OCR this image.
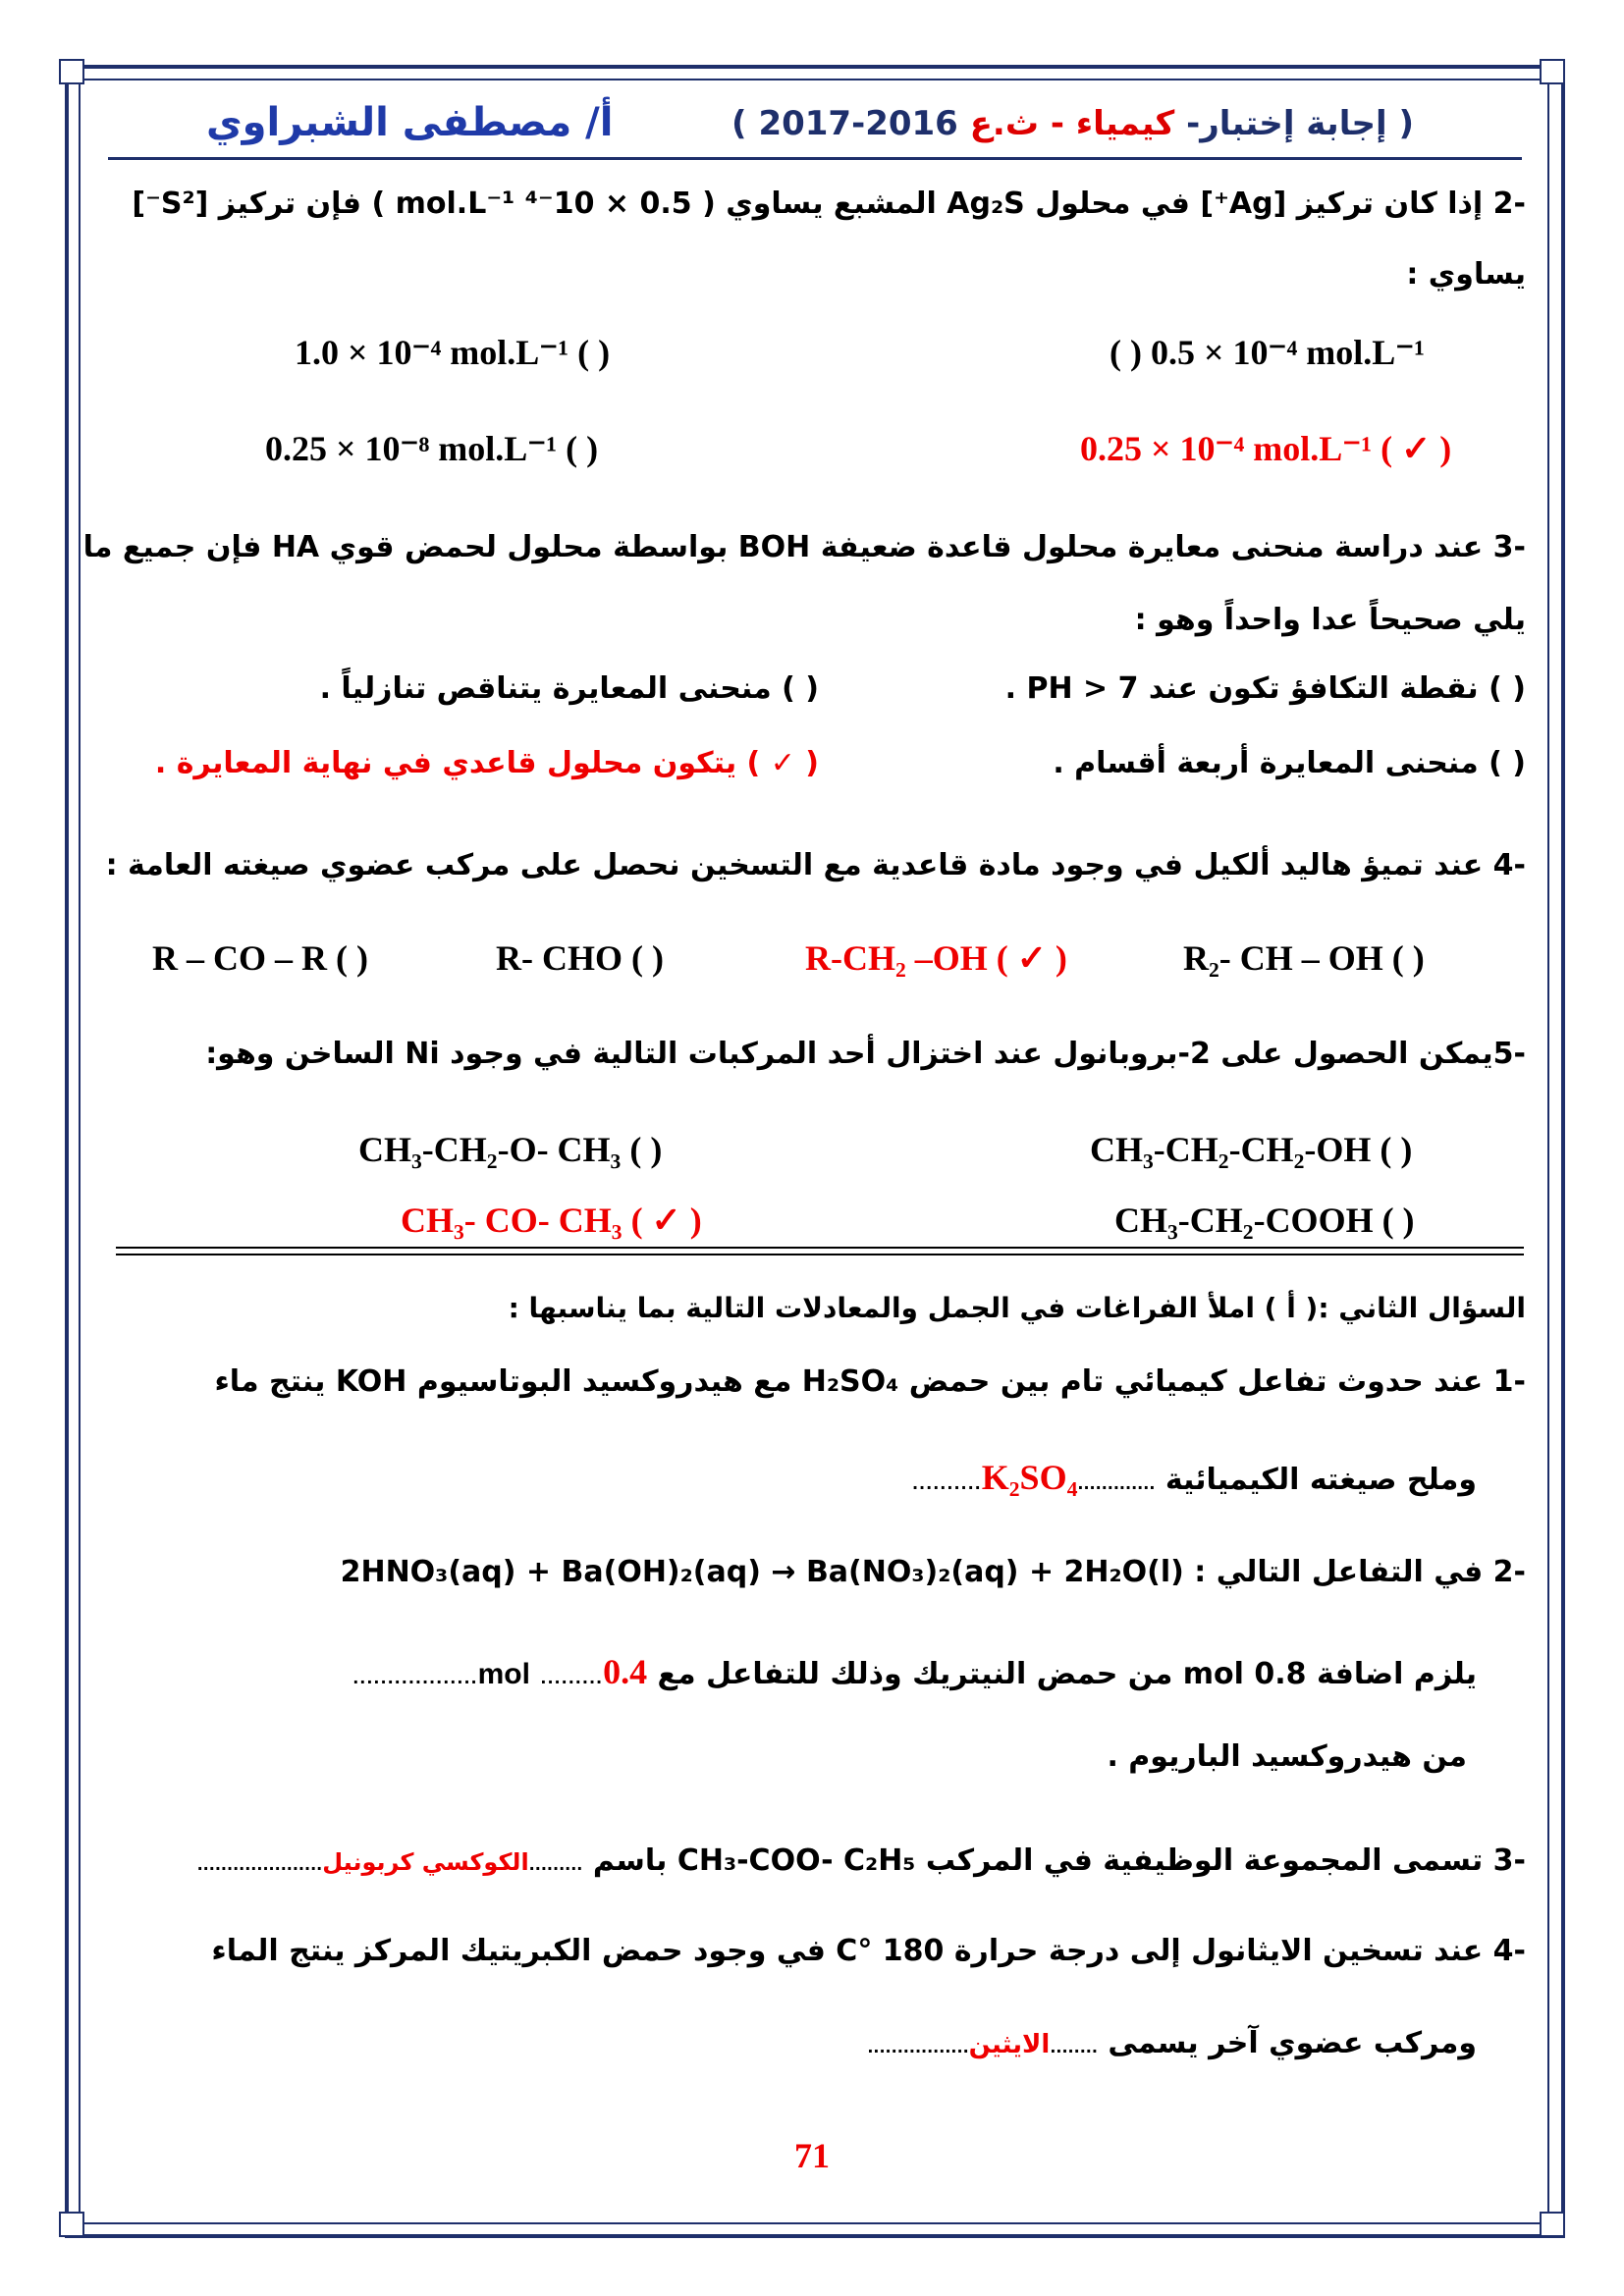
( إجابة إختبار- كيمياء - ث.ع 2016-2017 )
أ/ مصطفى الشبراوي
-2 إذا كان تركيز [Ag⁺] في محلول Ag₂S المشبع يساوي ( 0.5 × 10⁻⁴ mol.L⁻¹ ) فإن تركيز [S²⁻]
يساوي :
( ) 0.5 × 10⁻⁴ mol.L⁻¹
1.0 × 10⁻⁴ mol.L⁻¹ ( )
0.25 × 10⁻⁴ mol.L⁻¹ ( ✓ )
0.25 × 10⁻⁸ mol.L⁻¹ ( )
-3 عند دراسة منحنى معايرة محلول قاعدة ضعيفة BOH بواسطة محلول لحمض قوي HA فإن جميع ما
يلي صحيحاً عدا واحداً وهو :
( ) نقطة التكافؤ تكون عند PH > 7 .
( ) منحنى المعايرة يتناقص تنازلياً .
( ) منحنى المعايرة أربعة أقسام .
( ✓ ) يتكون محلول قاعدي في نهاية المعايرة .
-4 عند تميؤ هاليد ألكيل في وجود مادة قاعدية مع التسخين نحصل على مركب عضوي صيغته العامة :
R₂- CH – OH ( )
R-CH₂ –OH ( ✓ )
R- CHO ( )
R – CO – R ( )
-5يمكن الحصول على 2-بروبانول عند اختزال أحد المركبات التالية في وجود Ni الساخن وهو:
CH₃-CH₂-CH₂-OH ( )
CH₃-CH₂-O- CH₃ ( )
CH₃-CH₂-COOH ( )
CH₃- CO- CH₃ ( ✓ )
السؤال الثاني :( أ ) املأ الفراغات في الجمل والمعادلات التالية بما يناسبها :
-1 عند حدوث تفاعل كيميائي تام بين حمض H₂SO₄ مع هيدروكسيد البوتاسيوم KOH ينتج ماء
وملح صيغته الكيميائية .............K₂SO₄..........
-2 في التفاعل التالي : 2HNO₃(aq) + Ba(OH)₂(aq) → Ba(NO₃)₂(aq) + 2H₂O(l)
يلزم اضافة 0.8 mol من حمض النيتريك وذلك للتفاعل مع mol .........0.4..................
من هيدروكسيد الباريوم .
-3 تسمى المجموعة الوظيفية في المركب CH₃-COO- C₂H₅ باسم .........الكوكسي كربونيل.....................
-4 عند تسخين الايثانول إلى درجة حرارة 180 °C في وجود حمض الكبريتيك المركز ينتج الماء
ومركب عضوي آخر يسمى ........الايثين.................
71
